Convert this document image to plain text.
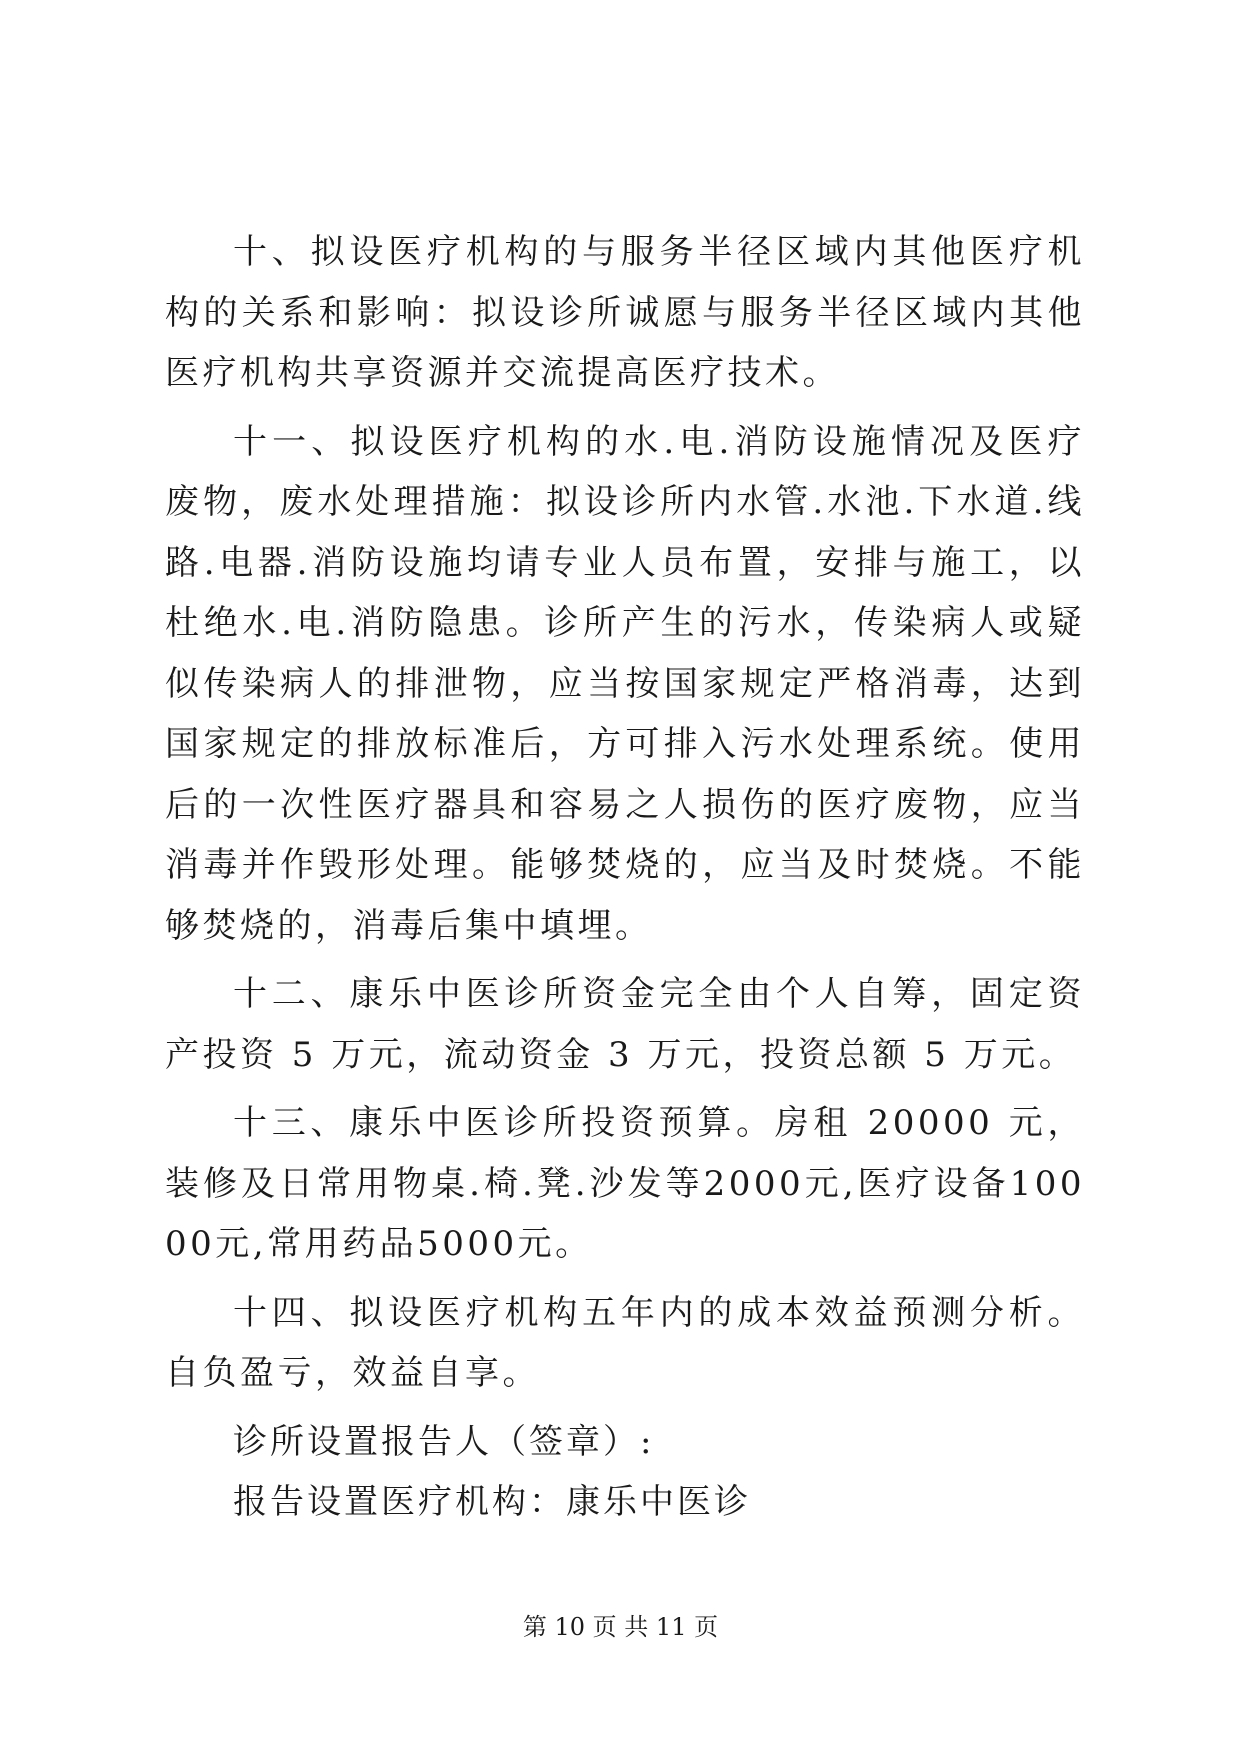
十、拟设医疗机构的与服务半径区域内其他医疗机构的关系和影响：拟设诊所诚愿与服务半径区域内其他医疗机构共享资源并交流提高医疗技术。

十一、拟设医疗机构的水.电.消防设施情况及医疗废物，废水处理措施：拟设诊所内水管.水池.下水道.线路.电器.消防设施均请专业人员布置，安排与施工，以杜绝水.电.消防隐患。诊所产生的污水，传染病人或疑似传染病人的排泄物，应当按国家规定严格消毒，达到国家规定的排放标准后，方可排入污水处理系统。使用后的一次性医疗器具和容易之人损伤的医疗废物，应当消毒并作毁形处理。能够焚烧的，应当及时焚烧。不能够焚烧的，消毒后集中填埋。

十二、康乐中医诊所资金完全由个人自筹，固定资产投资 5 万元，流动资金 3 万元，投资总额 5 万元。

十三、康乐中医诊所投资预算。房租 20000 元，装修及日常用物桌.椅.凳.沙发等2000元,医疗设备10000元,常用药品5000元。

十四、拟设医疗机构五年内的成本效益预测分析。自负盈亏，效益自享。

诊所设置报告人（签章）:

报告设置医疗机构：康乐中医诊

第 10 页 共 11 页
